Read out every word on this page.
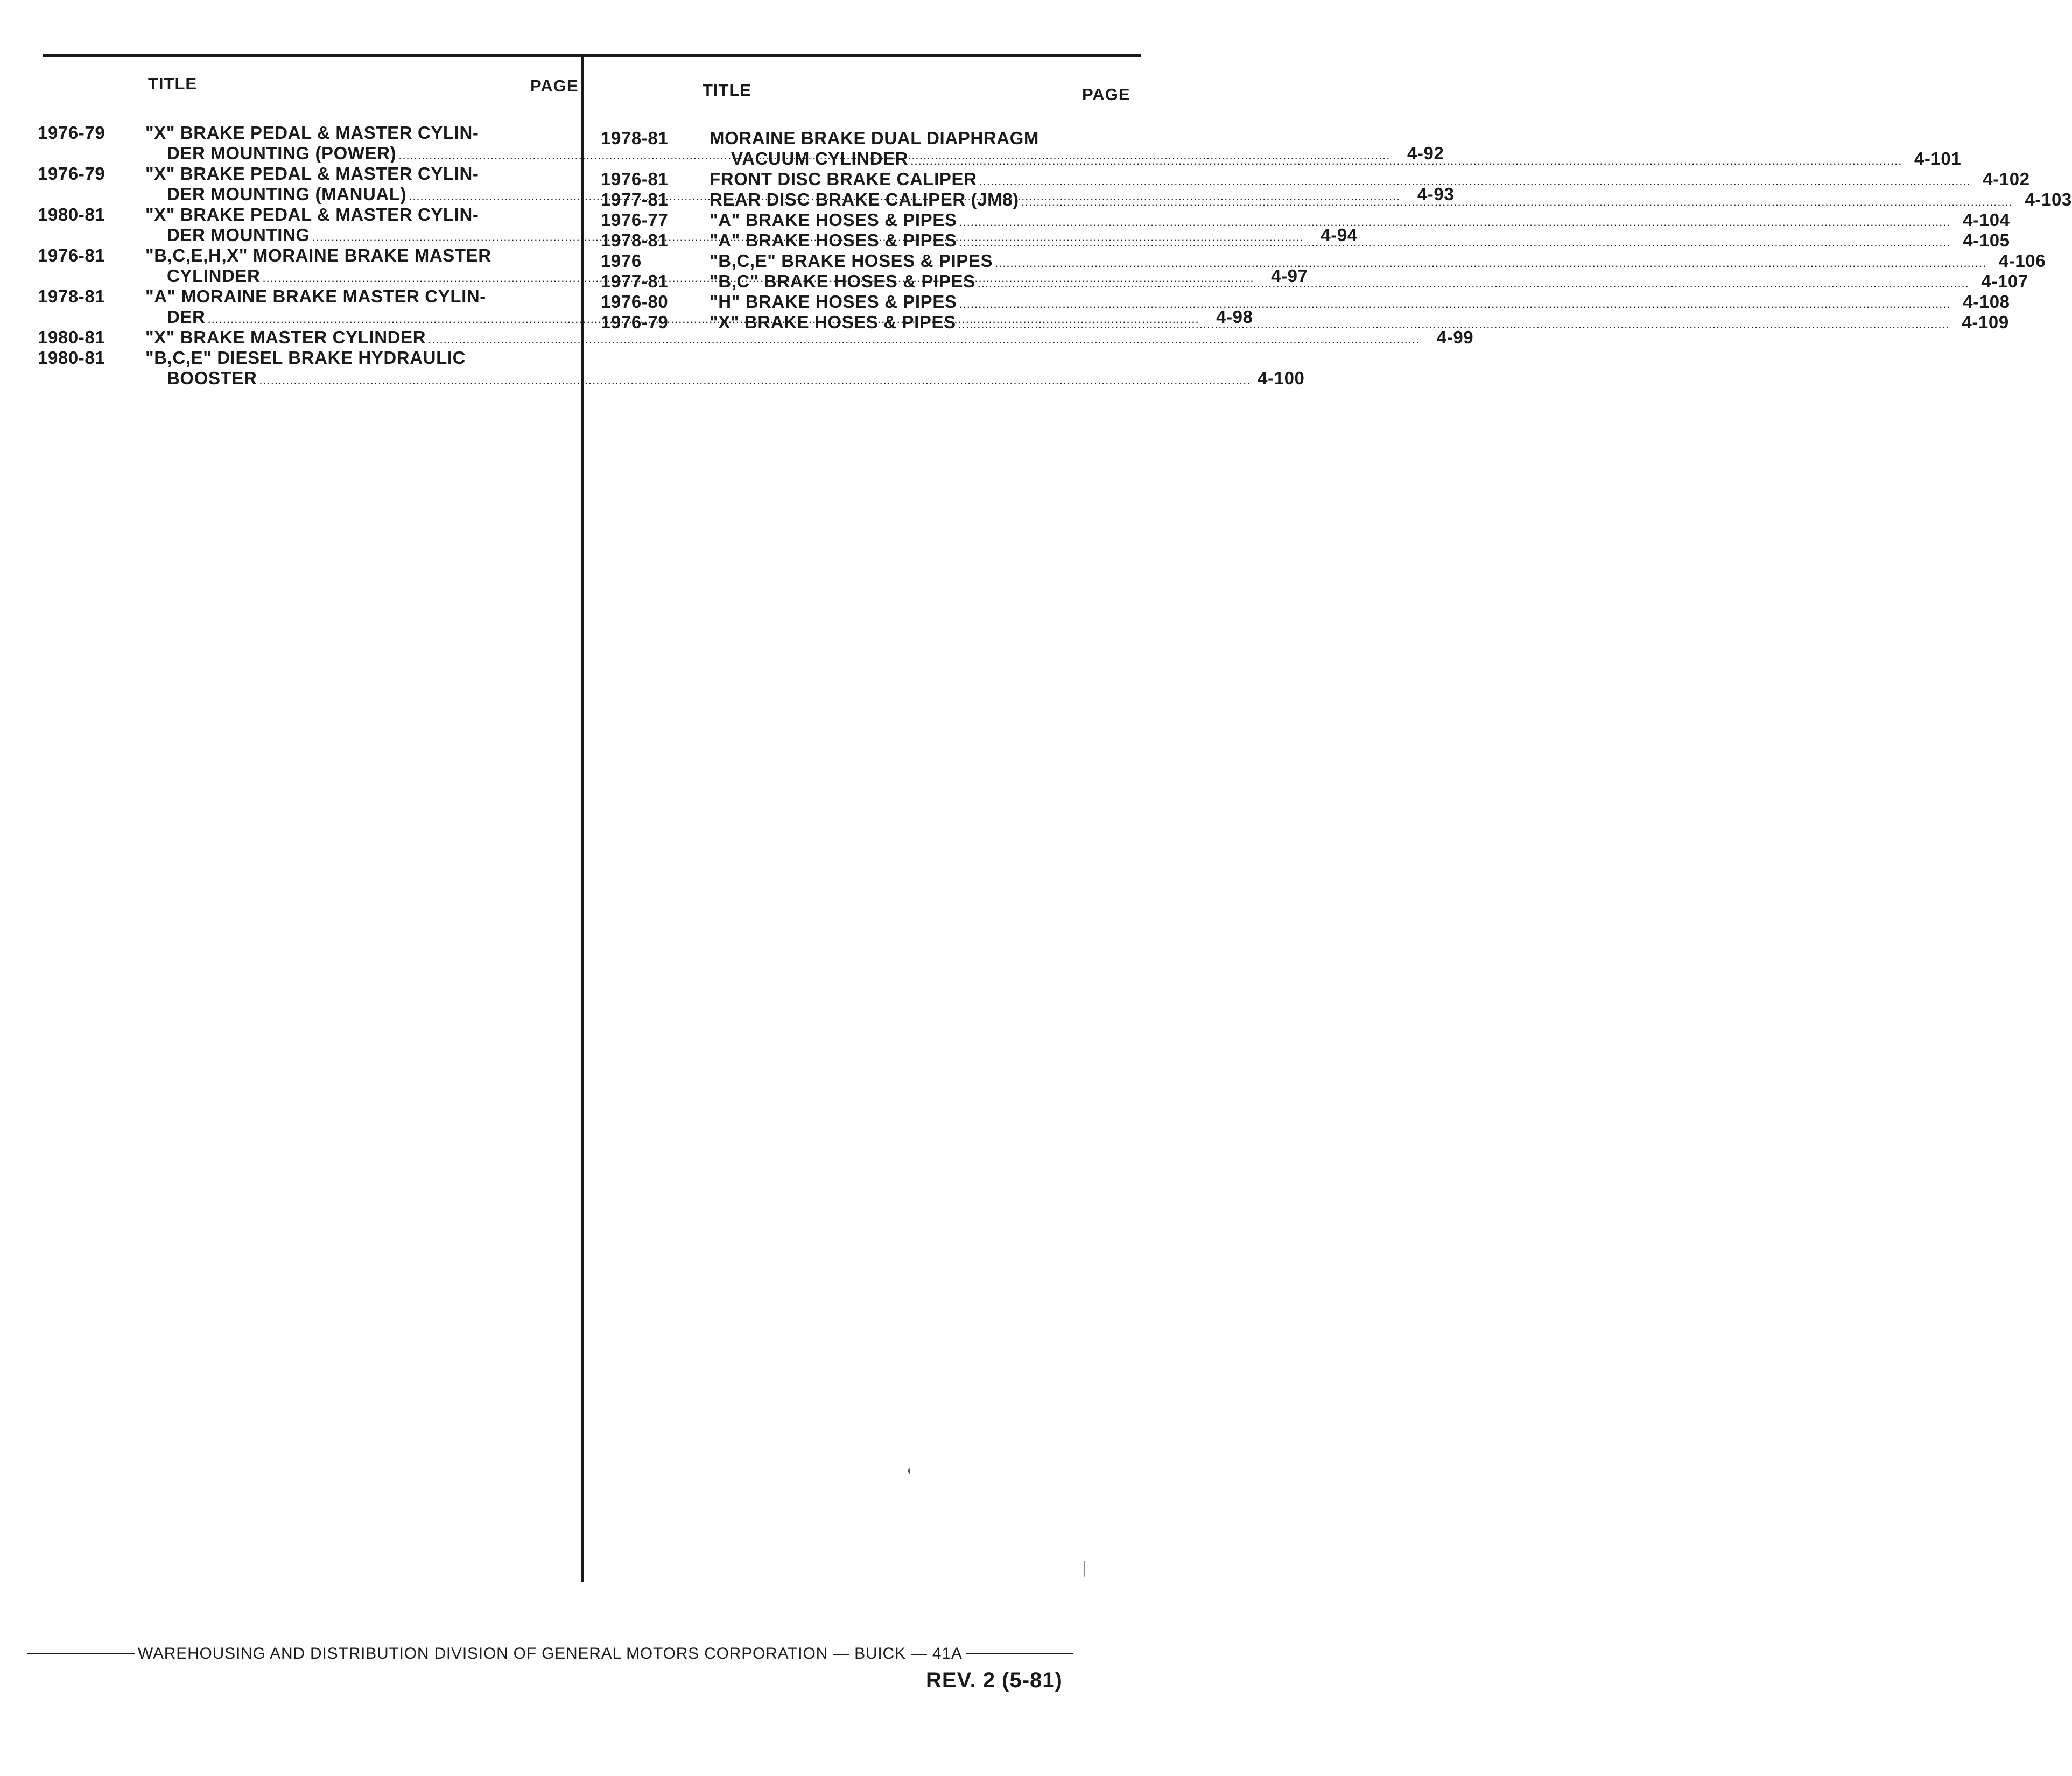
TITLE	PAGE	TITLE	PAGE
1976-79	"X" BRAKE PEDAL & MASTER CYLIN-
DER MOUNTING (POWER) .....	4-92
1976-79	"X" BRAKE PEDAL & MASTER CYLIN-
DER MOUNTING (MANUAL) .....	4-93
1980-81	"X" BRAKE PEDAL & MASTER CYLIN-
DER MOUNTING .....	4-94
1976-81	"B,C,E,H,X" MORAINE BRAKE MASTER
CYLINDER .....	4-97
1978-81	"A" MORAINE BRAKE MASTER CYLIN-
DER .....	4-98
1980-81	"X" BRAKE MASTER CYLINDER .....	4-99
1980-81	"B,C,E" DIESEL BRAKE HYDRAULIC
BOOSTER .....	4-100
1978-81	MORAINE BRAKE DUAL DIAPHRAGM
VACUUM CYLINDER .....	4-101
1976-81	FRONT DISC BRAKE CALIPER .....	4-102
1977-81	REAR DISC BRAKE CALIPER (JM8) .....	4-103
1976-77	"A" BRAKE HOSES & PIPES .....	4-104
1978-81	"A" BRAKE HOSES & PIPES .....	4-105
1976	"B,C,E" BRAKE HOSES & PIPES .....	4-106
1977-81	"B,C" BRAKE HOSES & PIPES .....	4-107
1976-80	"H" BRAKE HOSES & PIPES .....	4-108
1976-79	"X" BRAKE HOSES & PIPES .....	4-109
WAREHOUSING AND DISTRIBUTION DIVISION OF GENERAL MOTORS CORPORATION — BUICK — 41A
REV. 2 (5-81)
